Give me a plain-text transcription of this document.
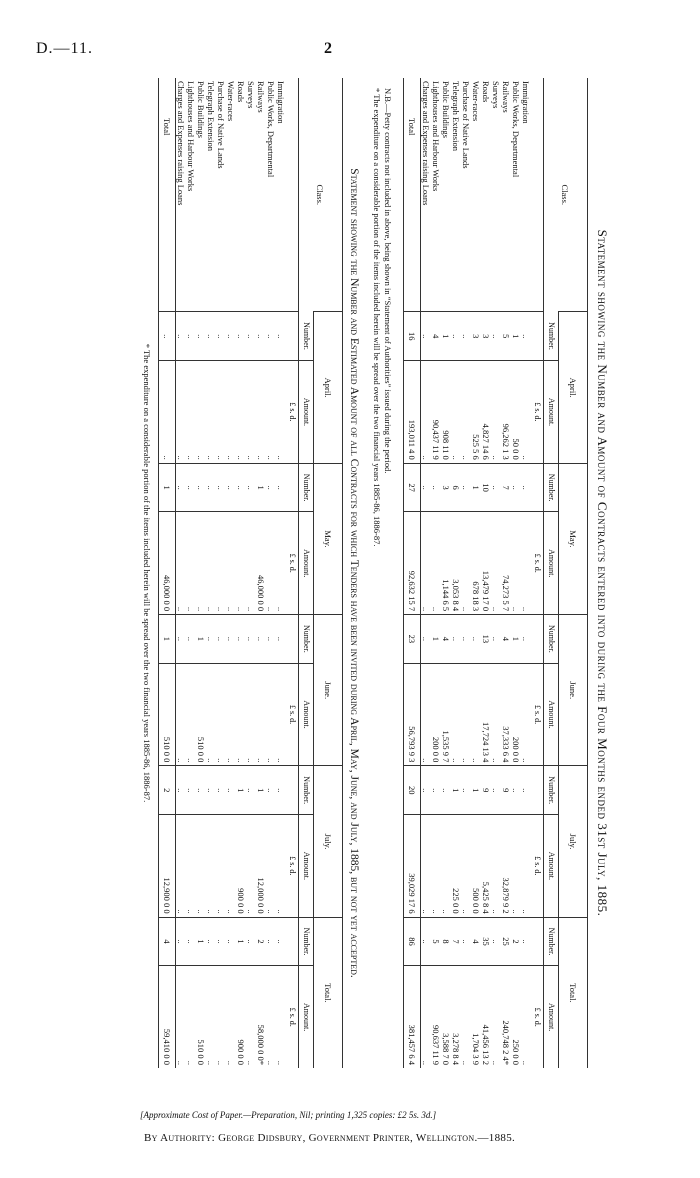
D.—11.	2
Statement showing the Number and Amount of Contracts entered into during the Four Months ended 31st July, 1885.
Class.	April.		May.		June.		July.		Total.	
	Number.	Amount.	Number.	Amount.	Number.	Amount.	Number.	Amount.	Number.	Amount.
		£ s. d.		£ s. d.		£ s. d.		£ s. d.		£ s. d.
Immigration	..	..	..	..	..	..	..	..	..	..
Public Works, Departmental	1	50 0 0	..	..	1	200 0 0	..	..	2	250 0 0
Railways	5	96,262 1 3	7	74,273 5 7	4	37,333 6 4	9	32,879 9 2	25	240,748 2 4*
Surveys	..	..	..	..	..	..	..	..	..	..
Roads	3	4,827 14 6	10	13,479 17 0	13	17,724 13 4	9	5,425 8 4	35	41,456 13 2
Water-races	3	525 5 6	1	678 18 3	..	..	1	500 0 0	4	1,704 3 9
Purchase of Native Lands	..	..	..	..	..	..	..	..	..	..
Telegraph Extension	..	..	6	3,053 8 4	..	..	1	225 0 0	7	3,278 8 4
Public Buildings	1	908 11 0	3	1,144 6 5	4	1,535 9 7	..	..	8	3,588 7 0
Lighthouses and Harbour Works	4	90,437 11 9	..	..	1	200 0 0	..	..	5	90,637 11 9
Charges and Expenses raising Loans	..	..	..	..	..	..	..	..	..	..
Total	16	193,011 4 0	27	92,632 15 7	23	56,793 9 3	20	39,029 17 6	86	381,457 6 4
N.B.—Petty contracts not included in above, being shown in “Statement of Authorities” issued during the period.
* The expenditure on a considerable portion of the items included herein will be spread over the two financial years 1885-86, 1886-87.
Statement showing the Number and Estimated Amount of all Contracts for which Tenders have been invited during April, May, June, and July, 1885, but not yet accepted.
Class.	April.		May.		June.		July.		Total.	
	Number.	Amount.	Number.	Amount.	Number.	Amount.	Number.	Amount.	Number.	Amount.
		£ s. d.		£ s. d.		£ s. d.		£ s. d.		£ s. d.
Immigration	..	..	..	..	..	..	..	..	..	..
Public Works, Departmental	..	..	..	..	..	..	..	..	..	..
Railways	..	..	1	46,000 0 0	..	..	1	12,000 0 0	2	58,000 0 0*
Surveys	..	..	..	..	..	..	..	..	..	..
Roads	..	..	..	..	..	..	1	900 0 0	1	900 0 0
Water-races	..	..	..	..	..	..	..	..	..	..
Purchase of Native Lands	..	..	..	..	..	..	..	..	..	..
Telegraph Extension	..	..	..	..	..	..	..	..	..	..
Public Buildings	..	..	..	..	1	510 0 0	..	..	1	510 0 0
Lighthouses and Harbour Works	..	..	..	..	..	..	..	..	..	..
Charges and Expenses raising Loans	..	..	..	..	..	..	..	..	..	..
Total	..	..	1	46,000 0 0	1	510 0 0	2	12,900 0 0	4	59,410 0 0
* The expenditure on a considerable portion of the items included herein will be spread over the two financial years 1885-86, 1886-87.
[Approximate Cost of Paper.—Preparation, Nil; printing 1,325 copies: £2 5s. 3d.]
By Authority: George Didsbury, Government Printer, Wellington.—1885.
